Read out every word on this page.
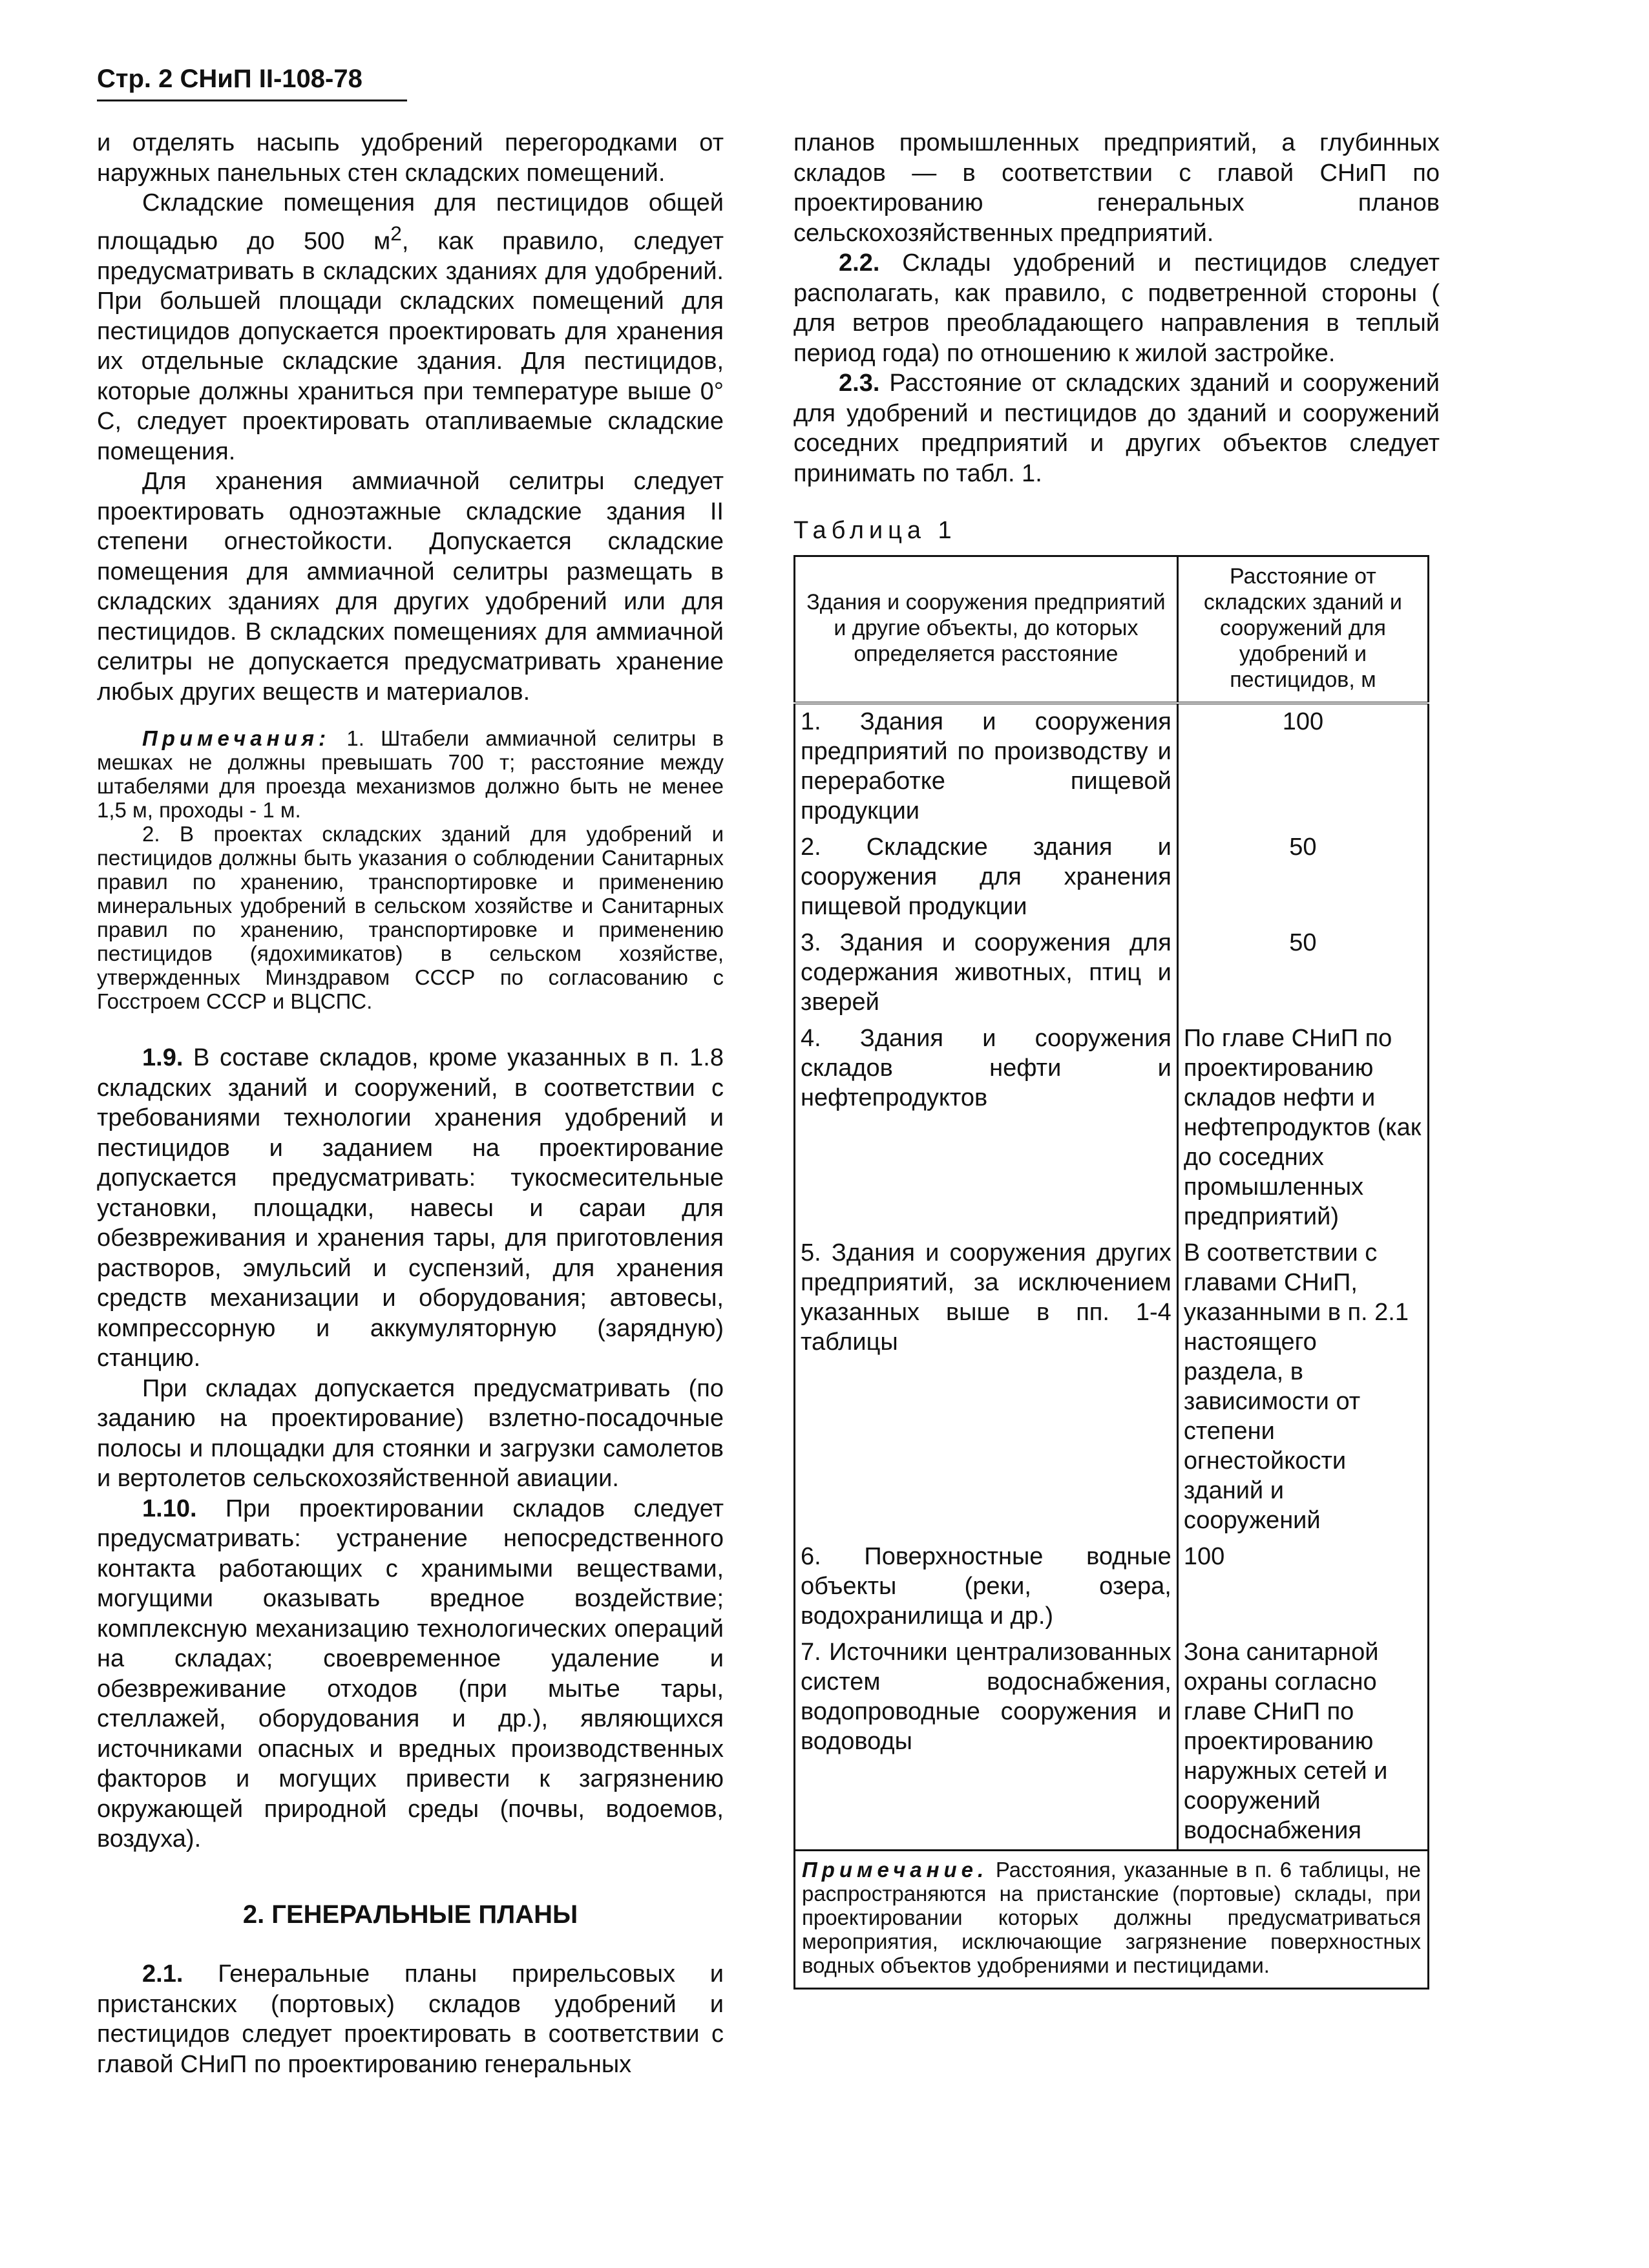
Стр. 2 СНиП II-108-78

и отделять насыпь удобрений перегородками от наружных панельных стен складских помещений.

Складские помещения для пестицидов общей площадью до 500 $м^2$, как правило, следует предусматривать в складских зданиях для удобрений. При большей площади складских помещений для пестицидов допускается проектировать для хранения их отдельные складские здания. Для пестицидов, которые должны храниться при температуре выше 0° С, следует проектировать отапливаемые складские помещения.

Для хранения аммиачной селитры следует проектировать одноэтажные складские здания II степени огнестойкости. Допускается складские помещения для аммиачной селитры размещать в складских зданиях для других удобрений или для пестицидов. В складских помещениях для аммиачной селитры не допускается предусматривать хранение любых других веществ и материалов.

Примечания: 1. Штабели аммиачной селитры в мешках не должны превышать 700 т; расстояние между штабелями для проезда механизмов должно быть не менее 1,5 м, проходы - 1 м.

2. В проектах складских зданий для удобрений и пестицидов должны быть указания о соблюдении Санитарных правил по хранению, транспортировке и применению минеральных удобрений в сельском хозяйстве и Санитарных правил по хранению, транспортировке и применению пестицидов (ядохимикатов) в сельском хозяйстве, утвержденных Минздравом СССР по согласованию с Госстроем СССР и ВЦСПС.

1.9. В составе складов, кроме указанных в п. 1.8 складских зданий и сооружений, в соответствии с требованиями технологии хранения удобрений и пестицидов и заданием на проектирование допускается предусматривать: тукосмесительные установки, площадки, навесы и сараи для обезвреживания и хранения тары, для приготовления растворов, эмульсий и суспензий, для хранения средств механизации и оборудования; автовесы, компрессорную и аккумуляторную (зарядную) станцию.

При складах допускается предусматривать (по заданию на проектирование) взлетно-посадочные полосы и площадки для стоянки и загрузки самолетов и вертолетов сельскохозяйственной авиации.

1.10. При проектировании складов следует предусматривать: устранение непосредственного контакта работающих с хранимыми веществами, могущими оказывать вредное воздействие; комплексную механизацию технологических операций на складах; своевременное удаление и обезвреживание отходов (при мытье тары, стеллажей, оборудования и др.), являющихся источниками опасных и вредных производственных факторов и могущих привести к загрязнению окружающей природной среды (почвы, водоемов, воздуха).

2. ГЕНЕРАЛЬНЫЕ ПЛАНЫ

2.1. Генеральные планы прирельсовых и пристанских (портовых) складов удобрений и пестицидов следует проектировать в соответствии с главой СНиП по проектированию генеральных

планов промышленных предприятий, а глубинных складов — в соответствии с главой СНиП по проектированию генеральных планов сельскохозяйственных предприятий.

2.2. Склады удобрений и пестицидов следует располагать, как правило, с подветренной стороны ( для ветров преобладающего направления в теплый период года) по отношению к жилой застройке.

2.3. Расстояние от складских зданий и сооружений для удобрений и пестицидов до зданий и сооружений соседних предприятий и других объектов следует принимать по табл. 1.

Таблица 1
Здания и сооружения предприятий и другие объекты, до которых определяется расстояние	Расстояние от складских зданий и сооружений для удобрений и пестицидов, м
1. Здания и сооружения предприятий по производству и переработке пищевой продукции	100
2. Складские здания и сооружения для хранения пищевой продукции	50
3. Здания и сооружения для содержания животных, птиц и зверей	50
4. Здания и сооружения складов нефти и нефтепродуктов	По главе СНиП по проектированию складов нефти и нефтепродуктов (как до соседних промышленных предприятий)
5. Здания и сооружения других предприятий, за исключением указанных выше в пп. 1-4 таблицы	В соответствии с главами СНиП, указанными в п. 2.1 настоящего раздела, в зависимости от степени огнестойкости зданий и сооружений
6. Поверхностные водные объекты (реки, озера, водохранилища и др.)	100
7. Источники централизованных систем водоснабжения, водопроводные сооружения и водоводы	Зона санитарной охраны согласно главе СНиП по проектированию наружных сетей и сооружений водоснабжения
Примечание. Расстояния, указанные в п. 6 таблицы, не распространяются на пристанские (портовые) склады, при проектировании которых должны предусматриваться мероприятия, исключающие загрязнение поверхностных водных объектов удобрениями и пестицидами.	
